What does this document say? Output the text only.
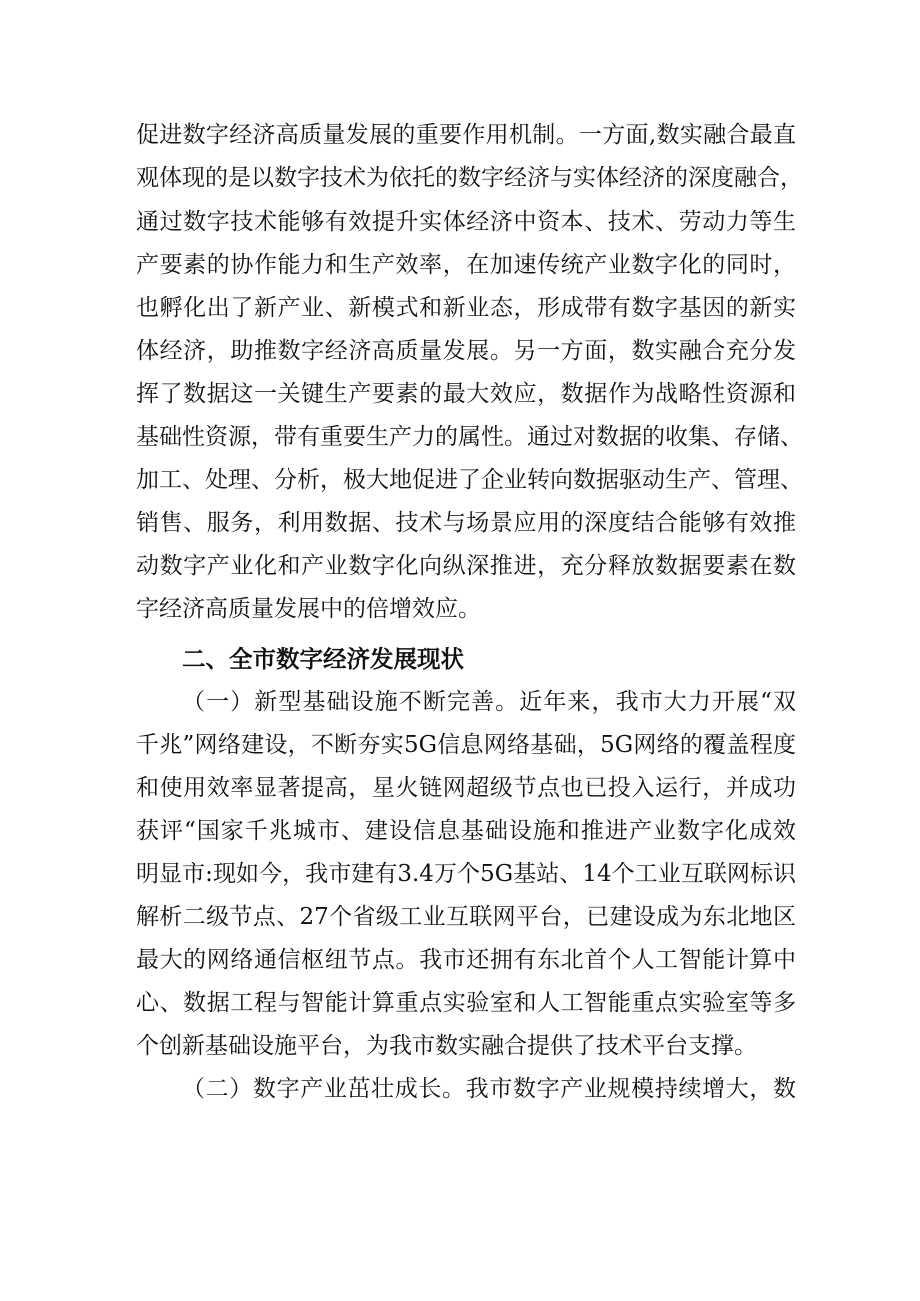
促进数字经济高质量发展的重要作用机制。一方面,数实融合最直
观体现的是以数字技术为依托的数字经济与实体经济的深度融合，
通过数字技术能够有效提升实体经济中资本、技术、劳动力等生
产要素的协作能力和生产效率，在加速传统产业数字化的同时，
也孵化出了新产业、新模式和新业态，形成带有数字基因的新实
体经济，助推数字经济高质量发展。另一方面，数实融合充分发
挥了数据这一关键生产要素的最大效应，数据作为战略性资源和
基础性资源，带有重要生产力的属性。通过对数据的收集、存储、
加工、处理、分析，极大地促进了企业转向数据驱动生产、管理、
销售、服务，利用数据、技术与场景应用的深度结合能够有效推
动数字产业化和产业数字化向纵深推进，充分释放数据要素在数
字经济高质量发展中的倍增效应。
二、全市数字经济发展现状
（一）新型基础设施不断完善。近年来，我市大力开展“双
千兆”网络建设，不断夯实5G信息网络基础，5G网络的覆盖程度
和使用效率显著提高，星火链网超级节点也已投入运行，并成功
获评“国家千兆城市、建设信息基础设施和推进产业数字化成效
明显市:现如今，我市建有3.4万个5G基站、14个工业互联网标识
解析二级节点、27个省级工业互联网平台，已建设成为东北地区
最大的网络通信枢纽节点。我市还拥有东北首个人工智能计算中
心、数据工程与智能计算重点实验室和人工智能重点实验室等多
个创新基础设施平台，为我市数实融合提供了技术平台支撑。
（二）数字产业茁壮成长。我市数字产业规模持续增大，数
